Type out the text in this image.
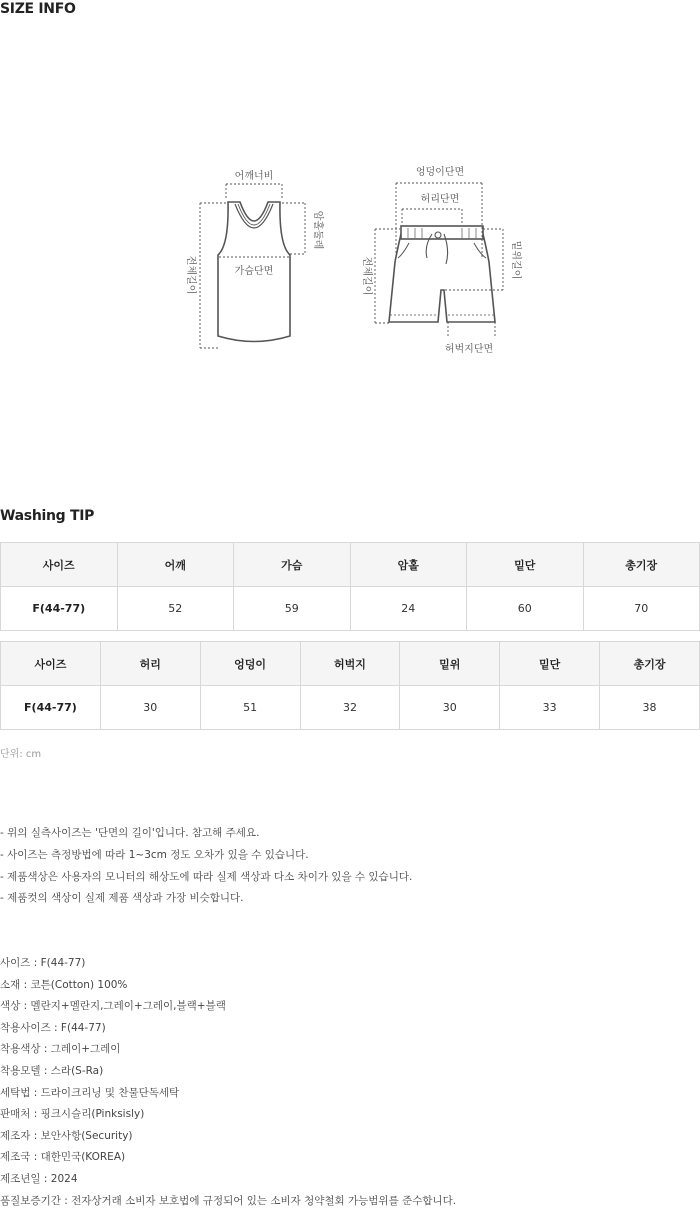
SIZE INFO
어깨너비
가슴단면
전체길이
암홀둘레
엉덩이단면
허리단면
전체길이	밑위길이
허벅지단면
Washing TIP
사이즈	어깨	가슴	암홀	밑단	총기장
F(44-77)	52	59	24	60	70
사이즈	허리	엉덩이	허벅지	밑위	밑단	총기장
F(44-77)	30	51	32	30	33	38
단위: cm
- 위의 실측사이즈는 '단면의 길이'입니다. 참고해 주세요.
- 사이즈는 측정방법에 따라 1~3cm 정도 오차가 있을 수 있습니다.
- 제품색상은 사용자의 모니터의 해상도에 따라 실제 색상과 다소 차이가 있을 수 있습니다.
- 제품컷의 색상이 실제 제품 색상과 가장 비슷합니다.
사이즈 : F(44-77)
소재 : 코튼(Cotton) 100%
색상 : 멜란지+멜란지,그레이+그레이,블랙+블랙
착용사이즈 : F(44-77)
착용색상 : 그레이+그레이
착용모델 : 스라(S-Ra)
세탁법 : 드라이크리닝 및 찬물단독세탁
판매처 : 핑크시슬리(Pinksisly)
제조자 : 보안사항(Security)
제조국 : 대한민국(KOREA)
제조년일 : 2024
품질보증기간 : 전자상거래 소비자 보호법에 규정되어 있는 소비자 청약철회 가능범위를 준수합니다.
